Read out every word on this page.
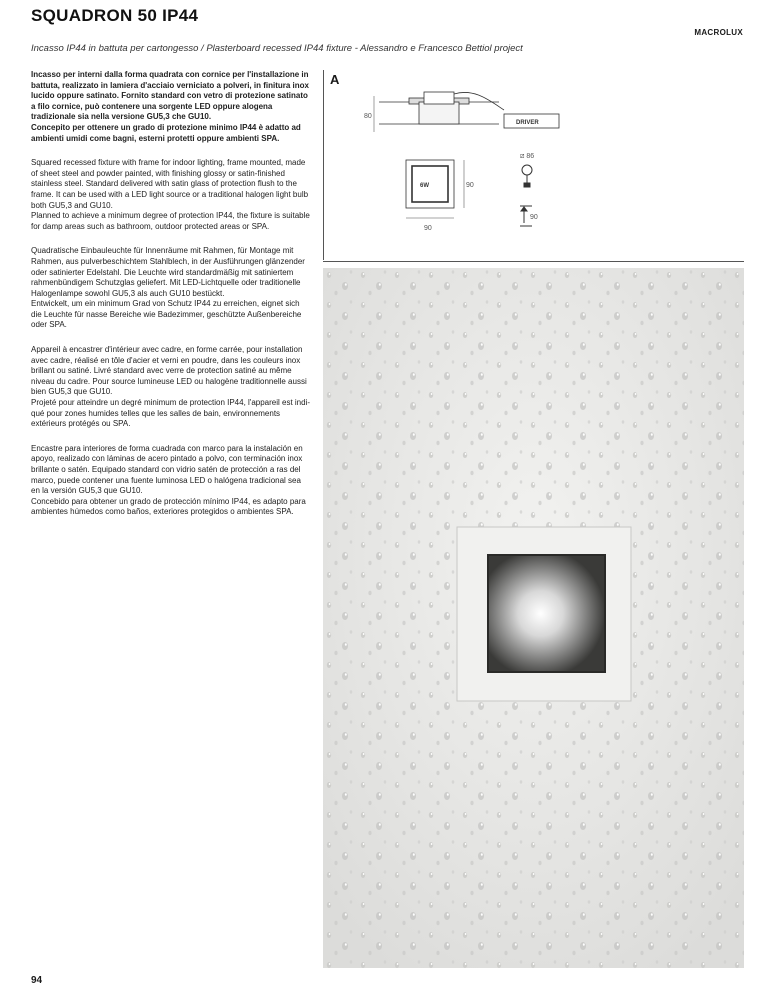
SQUADRON 50 IP44
MACROLUX
Incasso IP44 in battuta per cartongesso / Plasterboard recessed IP44 fixture - Alessandro e Francesco Bettiol project

Incasso per interni dalla forma quadrata con cornice per l'installazione in battuta, realizzato in lamiera d'acciaio verniciato a polveri, in finitura inox lucido oppure satinato. Fornito standard con vetro di protezione satinato a filo cornice, può contenere una sorgente LED oppure alogena tradizionale sia nella versione GU5,3 che GU10.
Concepito per ottenere un grado di protezione minimo IP44 è adatto ad ambienti umidi come bagni, esterni protetti oppure ambienti SPA.

Squared recessed fixture with frame for indoor lighting, frame mounted, made of sheet steel and powder painted, with finishing glossy or satin-finished stainless steel. Standard delivered with satin glass of protection flush to the frame. It can be used with a LED light source or a traditional halogen light bulb both GU5,3 and GU10.
Planned to achieve a minimum degree of protection IP44, the fixture is suitable for damp areas such as bathroom, outdoor protected areas or SPA.

Quadratische Einbauleuchte für Innenräume mit Rahmen, für Montage mit Rahmen, aus pulverbeschichtem Stahlblech, in der Ausführungen glänzender oder satinierter Edelstahl. Die Leuchte wird standardmäßig mit satiniertem rahmenbündigem Schutzglas geliefert. Mit LED-Lichtquelle oder traditionelle Halogenlampe sowohl GU5,3 als auch GU10 bestückt.
Entwickelt, um ein minimum Grad von Schutz IP44 zu erreichen, eignet sich die Leuchte für nasse Bereiche wie Badezimmer, geschützte Außenbereiche oder SPA.

Appareil à encastrer d'intérieur avec cadre, en forme carrée, pour installation avec cadre, réalisé en tôle d'acier et verni en poudre, dans les couleurs inox brillant ou satiné. Livré standard avec verre de protection satiné au même niveau du cadre. Pour source lumineuse LED ou halogène traditionnelle aussi bien GU5,3 que GU10.
Projeté pour atteindre un degré minimum de protection IP44, l'appareil est indi-qué pour zones humides telles que les salles de bain, environnements extérieurs protégés ou SPA.

Encastre para interiores de forma cuadrada con marco para la instalación en apoyo, realizado con láminas de acero pintado a polvo, con terminación inox brillante o satén. Equipado standard con vidrio satén de protección a ras del marco, puede contener una fuente luminosa LED o halógena tradicional sea en la versión GU5,3 que GU10.
Concebido para obtener un grado de protección mínimo IP44, es adapto para ambientes húmedos como baños, exteriores protegidos o ambientes SPA.

80
DRIVER
6W	90
90
⧄ 86
90
A
94
